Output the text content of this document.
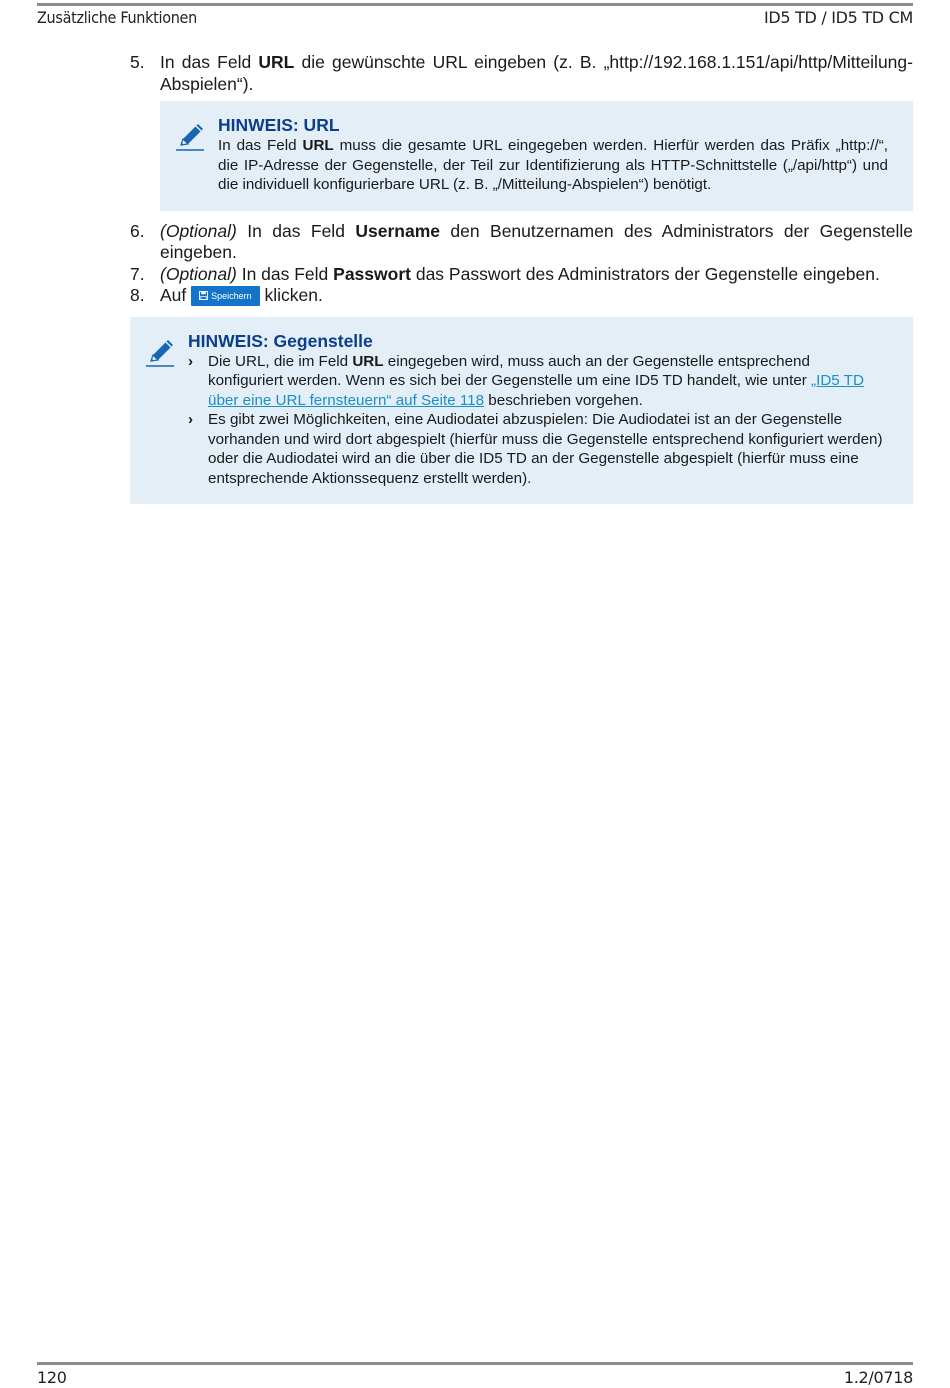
Zusätzliche Funktionen	ID5 TD / ID5 TD CM
5. In das Feld URL die gewünschte URL eingeben (z. B. „http://192.168.1.151/api/http/Mitteilung-Abspielen“).
HINWEIS: URL
In das Feld URL muss die gesamte URL eingegeben werden. Hierfür werden das Präfix „http://“, die IP-Adresse der Gegenstelle, der Teil zur Identifizierung als HTTP-Schnittstelle („/api/http“) und die individuell konfigurierbare URL (z. B. „/Mitteilung-Abspielen“) benötigt.
6. (Optional) In das Feld Username den Benutzernamen des Administrators der Gegenstelle eingeben.
7. (Optional) In das Feld Passwort das Passwort des Administrators der Gegenstelle eingeben.
8. Auf Speichern klicken.
HINWEIS: Gegenstelle
› Die URL, die im Feld URL eingegeben wird, muss auch an der Gegenstelle entsprechend konfiguriert werden. Wenn es sich bei der Gegenstelle um eine ID5 TD handelt, wie unter „ID5 TD über eine URL fernsteuern“ auf Seite 118 beschrieben vorgehen.
› Es gibt zwei Möglichkeiten, eine Audiodatei abzuspielen: Die Audiodatei ist an der Gegenstelle vorhanden und wird dort abgespielt (hierfür muss die Gegenstelle entsprechend konfiguriert werden) oder die Audiodatei wird an die über die ID5 TD an der Gegenstelle abgespielt (hierfür muss eine entsprechende Aktionssequenz erstellt werden).
120	1.2/0718
